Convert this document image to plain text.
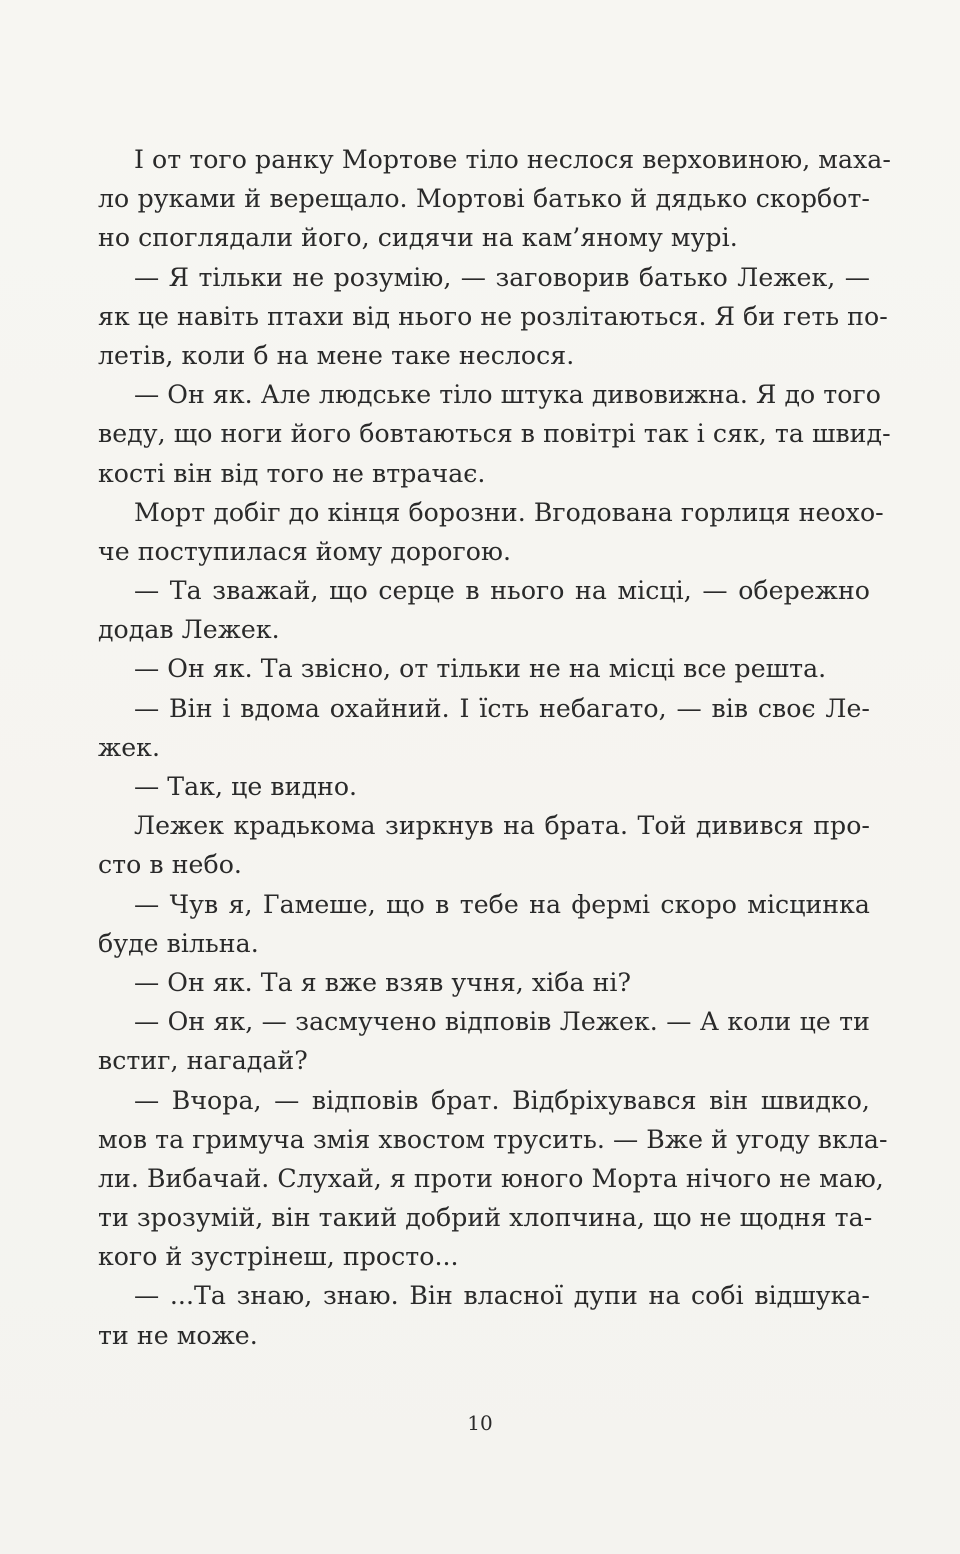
І от того ранку Мортове тіло неслося верховиною, маха-
ло руками й верещало. Мортові батько й дядько скорбот-
но споглядали його, сидячи на кам’яному мурі.
— Я тільки не розумію, — заговорив батько Лежек, —
як це навіть птахи від нього не розлітаються. Я би геть по-
летів, коли б на мене таке неслося.
— Он як. Але людське тіло штука дивовижна. Я до того
веду, що ноги його бовтаються в повітрі так і сяк, та швид-
кості він від того не втрачає.
Морт добіг до кінця борозни. Вгодована горлиця неохо-
че поступилася йому дорогою.
— Та зважай, що серце в нього на місці, — обережно
додав Лежек.
— Он як. Та звісно, от тільки не на місці все решта.
— Він і вдома охайний. І їсть небагато, — вів своє Ле-
жек.
— Так, це видно.
Лежек крадькома зиркнув на брата. Той дивився про-
сто в небо.
— Чув я, Гамеше, що в тебе на фермі скоро місцинка
буде вільна.
— Он як. Та я вже взяв учня, хіба ні?
— Он як, — засмучено відповів Лежек. — А коли це ти
встиг, нагадай?
— Вчора, — відповів брат. Відбріхувався він швидко,
мов та гримуча змія хвостом трусить. — Вже й угоду вкла-
ли. Вибачай. Слухай, я проти юного Морта нічого не маю,
ти зрозумій, він такий добрий хлопчина, що не щодня та-
кого й зустрінеш, просто...
— ...Та знаю, знаю. Він власної дупи на собі відшука-
ти не може.
10
